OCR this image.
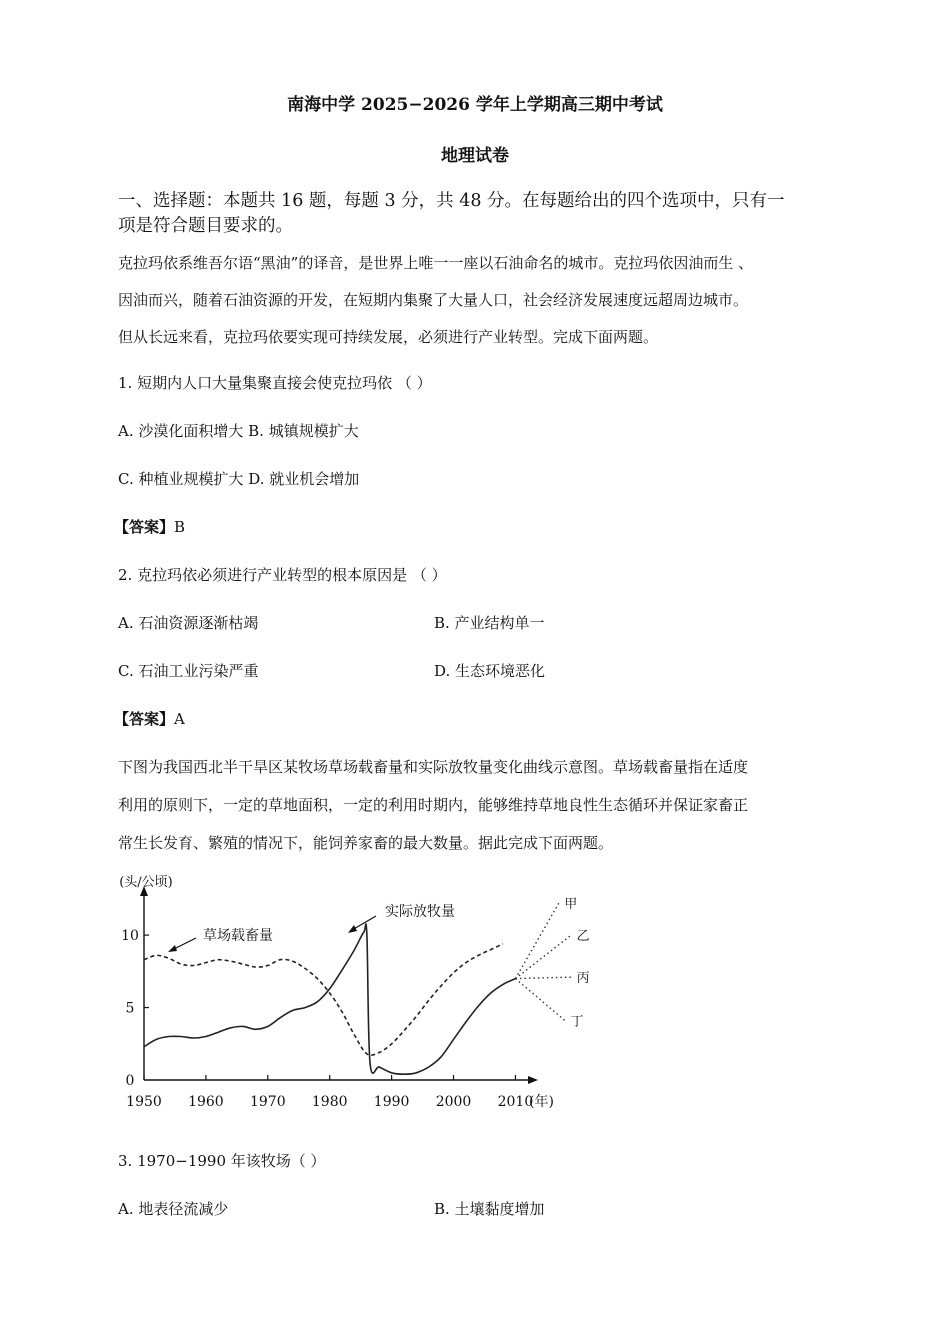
南海中学 2025−2026 学年上学期高三期中考试
地理试卷
一、选择题：本题共 16 题，每题 3 分，共 48 分。在每题给出的四个选项中，只有一
项是符合题目要求的。
克拉玛依系维吾尔语“黑油”的译音，是世界上唯一一座以石油命名的城市。克拉玛依因油而生 、
因油而兴，随着石油资源的开发，在短期内集聚了大量人口，社会经济发展速度远超周边城市。
但从长远来看，克拉玛依要实现可持续发展，必须进行产业转型。完成下面两题。
1. 短期内人口大量集聚直接会使克拉玛依 （ ）
A. 沙漠化面积增大 B. 城镇规模扩大
C. 种植业规模扩大 D. 就业机会增加
【答案】B
2. 克拉玛依必须进行产业转型的根本原因是 （ ）
A. 石油资源逐渐枯竭	B. 产业结构单一
C. 石油工业污染严重	D. 生态环境恶化
【答案】A
下图为我国西北半干旱区某牧场草场载畜量和实际放牧量变化曲线示意图。草场载畜量指在适度
利用的原则下，一定的草地面积，一定的利用时期内，能够维持草地良性生态循环并保证家畜正
常生长发育、繁殖的情况下，能饲养家畜的最大数量。据此完成下面两题。
0
5
10
1950 1960 1970 1980 1990 2000 2010
(年)
(头/公顷)
甲
乙
丙
丁
草场载畜量
实际放牧量
3. 1970−1990 年该牧场（ ）
A. 地表径流减少	B. 土壤黏度增加
